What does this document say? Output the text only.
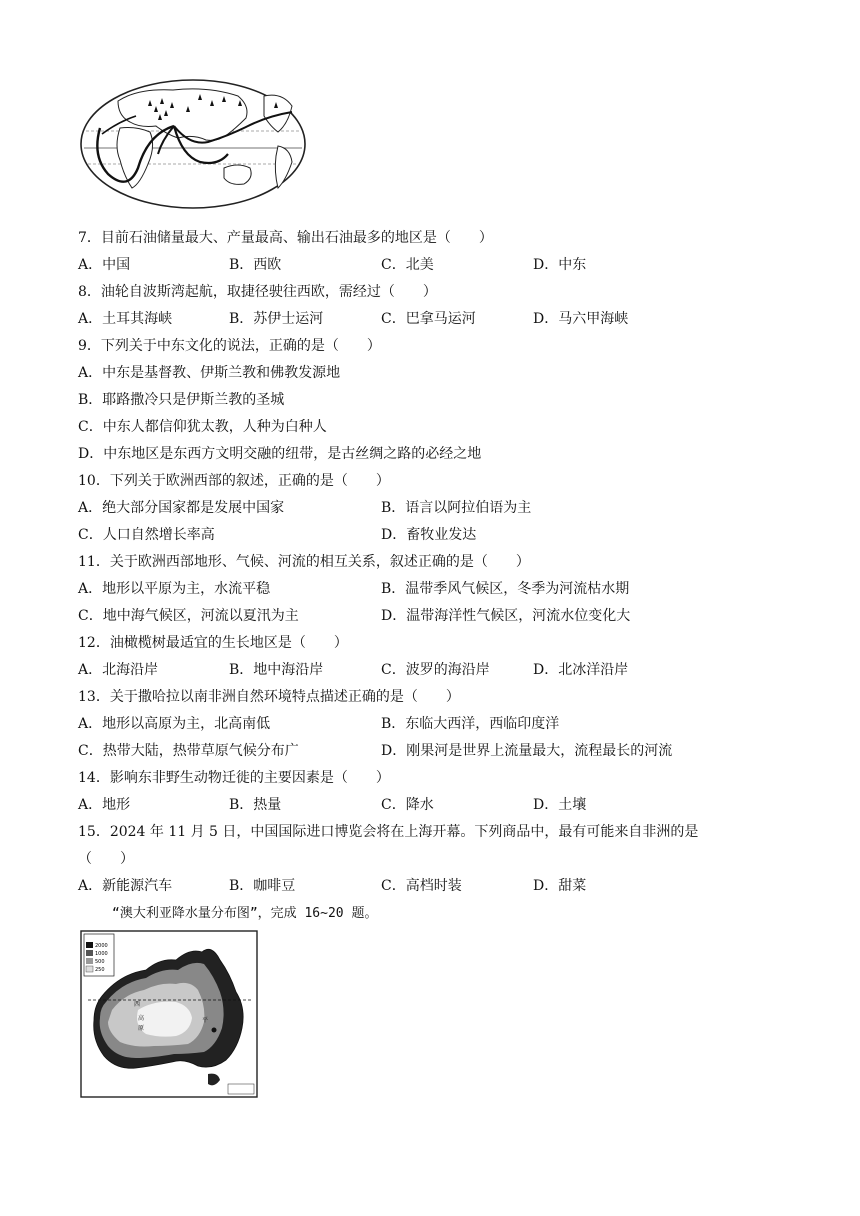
7．目前石油储量最大、产量最高、输出石油最多的地区是（　　）
A．中国	B．西欧	C．北美	D．中东
8．油轮自波斯湾起航，取捷径驶往西欧，需经过（　　）
A．土耳其海峡	B．苏伊士运河	C．巴拿马运河	D．马六甲海峡
9．下列关于中东文化的说法，正确的是（　　）
A．中东是基督教、伊斯兰教和佛教发源地
B．耶路撒冷只是伊斯兰教的圣城
C．中东人都信仰犹太教，人种为白种人
D．中东地区是东西方文明交融的纽带，是古丝绸之路的必经之地
10．下列关于欧洲西部的叙述，正确的是（　　）
A．绝大部分国家都是发展中国家	B．语言以阿拉伯语为主
C．人口自然增长率高	D．畜牧业发达
11．关于欧洲西部地形、气候、河流的相互关系，叙述正确的是（　　）
A．地形以平原为主，水流平稳	B．温带季风气候区，冬季为河流枯水期
C．地中海气候区，河流以夏汛为主	D．温带海洋性气候区，河流水位变化大
12．油橄榄树最适宜的生长地区是（　　）
A．北海沿岸	B．地中海沿岸	C．波罗的海沿岸	D．北冰洋沿岸
13．关于撒哈拉以南非洲自然环境特点描述正确的是（　　）
A．地形以高原为主，北高南低	B．东临大西洋，西临印度洋
C．热带大陆，热带草原气候分布广	D．刚果河是世界上流量最大，流程最长的河流
14．影响东非野生动物迁徙的主要因素是（　　）
A．地形	B．热量	C．降水	D．土壤
15．2024 年 11 月 5 日，中国国际进口博览会将在上海开幕。下列商品中，最有可能来自非洲的是
（　　）
A．新能源汽车	B．咖啡豆	C．高档时装	D．甜菜
“澳大利亚降水量分布图”，完成 16~20 题。
2000
1000
500
250
西
高
原
平
